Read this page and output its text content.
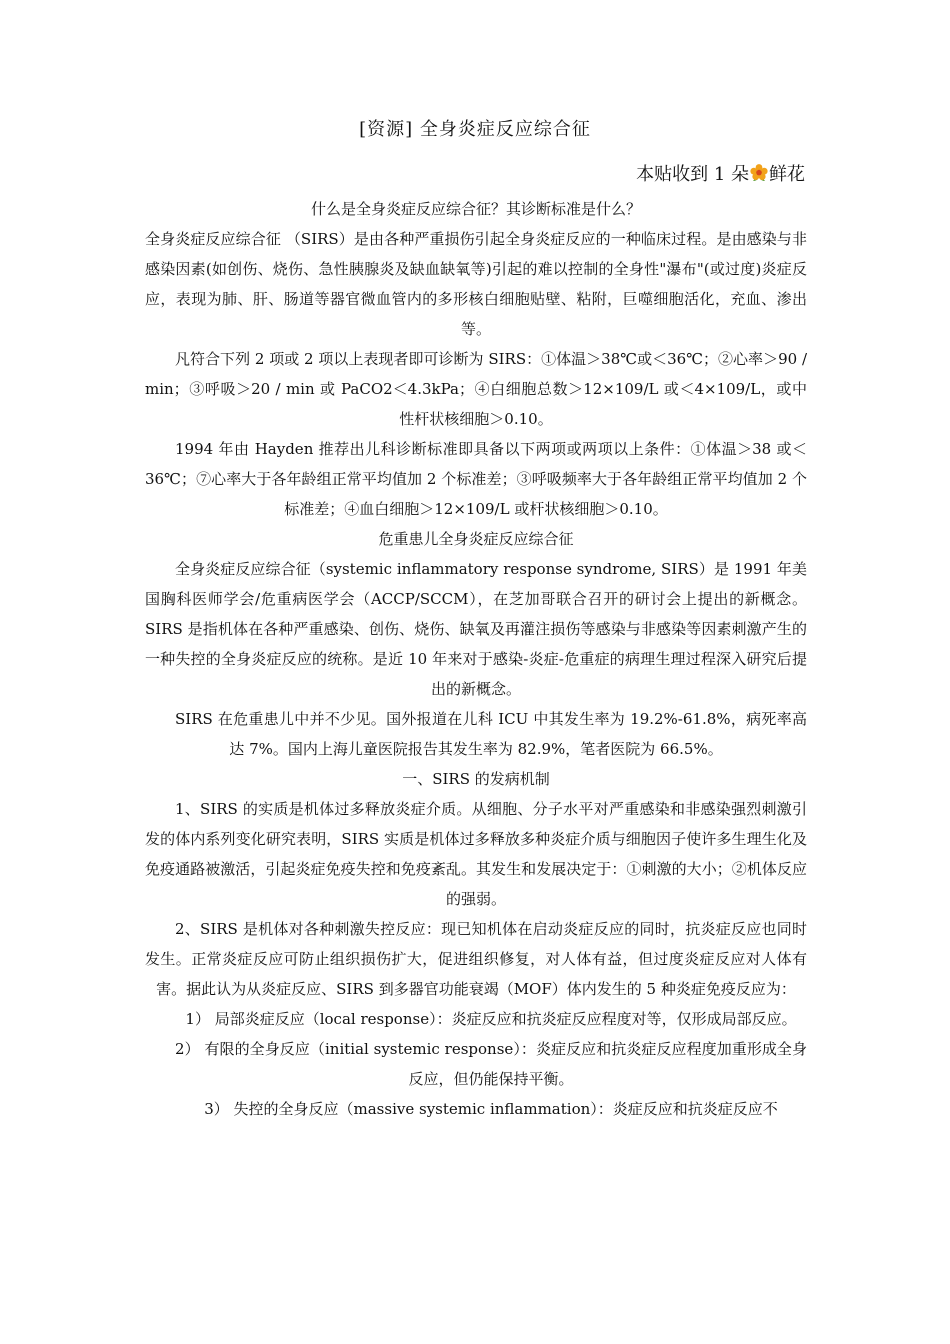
[资源] 全身炎症反应综合征
本贴收到 1 朵 鲜花

什么是全身炎症反应综合征？其诊断标准是什么？

全身炎症反应综合征 （SIRS）是由各种严重损伤引起全身炎症反应的一种临床过程。是由感染与非感染因素(如创伤、烧伤、急性胰腺炎及缺血缺氧等)引起的难以控制的全身性"瀑布"(或过度)炎症反应，表现为肺、肝、肠道等器官微血管内的多形核白细胞贴壁、粘附，巨噬细胞活化，充血、渗出等。

凡符合下列 2 项或 2 项以上表现者即可诊断为 SIRS：①体温＞38℃或＜36℃；②心率＞90 / min；③呼吸＞20 / min 或 PaCO2＜4.3kPa；④白细胞总数＞12×109/L 或＜4×109/L，或中性杆状核细胞＞0.10。

1994 年由 Hayden 推荐出儿科诊断标准即具备以下两项或两项以上条件：①体温＞38 或＜36℃；⑦心率大于各年龄组正常平均值加 2 个标准差；③呼吸频率大于各年龄组正常平均值加 2 个标准差；④血白细胞＞12×109/L 或杆状核细胞＞0.10。

危重患儿全身炎症反应综合征

全身炎症反应综合征（systemic inflammatory response syndrome, SIRS）是 1991 年美国胸科医师学会/危重病医学会（ACCP/SCCM），在芝加哥联合召开的研讨会上提出的新概念。SIRS 是指机体在各种严重感染、创伤、烧伤、缺氧及再灌注损伤等感染与非感染等因素刺激产生的一种失控的全身炎症反应的统称。是近 10 年来对于感染-炎症-危重症的病理生理过程深入研究后提出的新概念。

SIRS 在危重患儿中并不少见。国外报道在儿科 ICU 中其发生率为 19.2%-61.8%，病死率高达 7%。国内上海儿童医院报告其发生率为 82.9%，笔者医院为 66.5%。

一、SIRS 的发病机制

1、SIRS 的实质是机体过多释放炎症介质。从细胞、分子水平对严重感染和非感染强烈刺激引发的体内系列变化研究表明，SIRS 实质是机体过多释放多种炎症介质与细胞因子使许多生理生化及免疫通路被激活，引起炎症免疫失控和免疫紊乱。其发生和发展决定于：①刺激的大小；②机体反应的强弱。

2、SIRS 是机体对各种刺激失控反应：现已知机体在启动炎症反应的同时，抗炎症反应也同时发生。正常炎症反应可防止组织损伤扩大，促进组织修复，对人体有益，但过度炎症反应对人体有害。据此认为从炎症反应、SIRS 到多器官功能衰竭（MOF）体内发生的 5 种炎症免疫反应为：

1） 局部炎症反应（local response）：炎症反应和抗炎症反应程度对等，仅形成局部反应。

2） 有限的全身反应（initial systemic response）：炎症反应和抗炎症反应程度加重形成全身反应，但仍能保持平衡。

3） 失控的全身反应（massive systemic inflammation）：炎症反应和抗炎症反应不
